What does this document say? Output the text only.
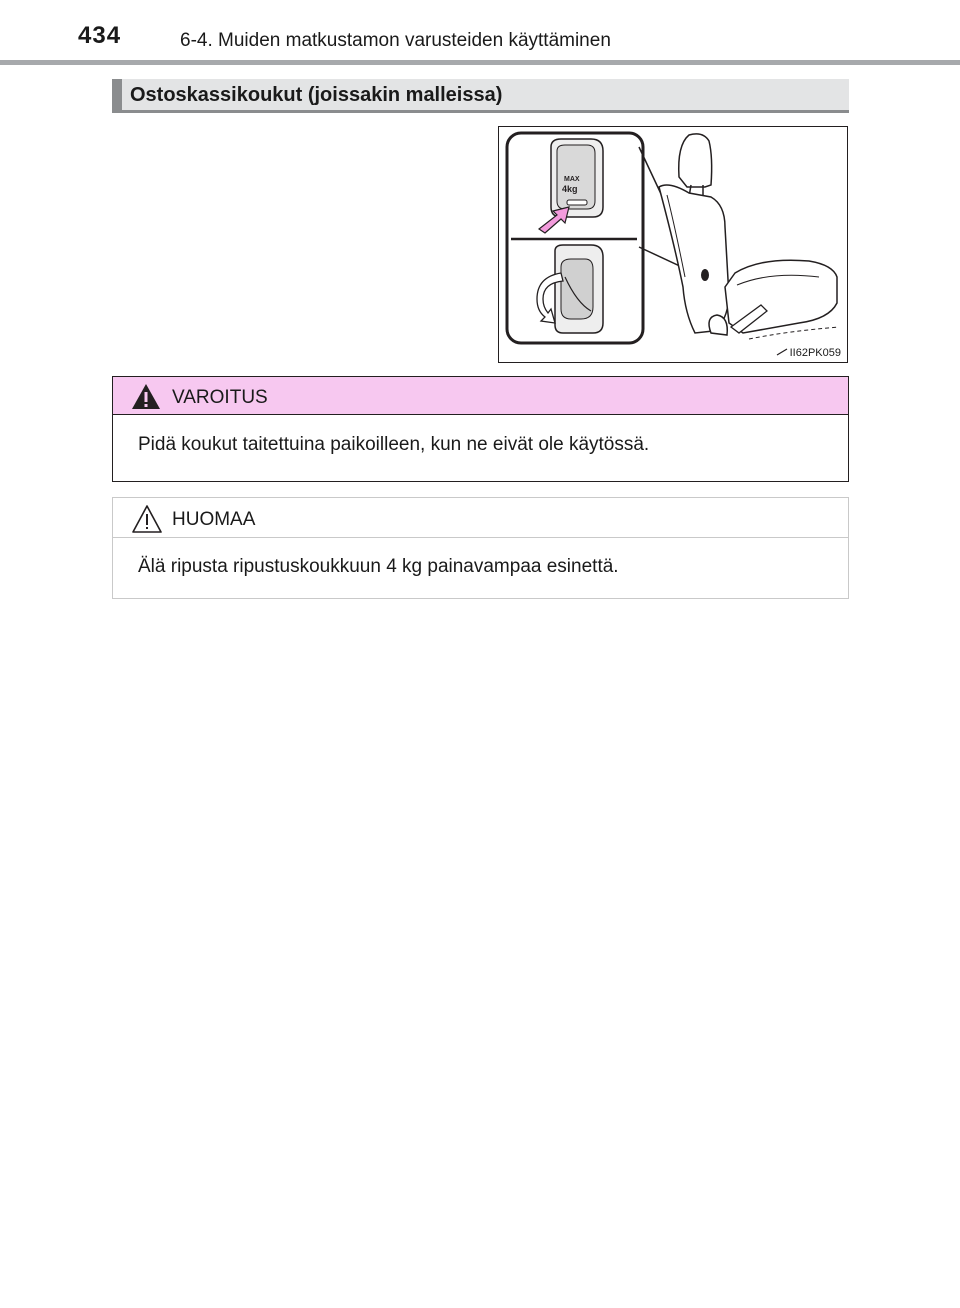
434	6-4. Muiden matkustamon varusteiden käyttäminen
Ostoskassikoukut (joissakin malleissa)
MAX
4kg
II62PK059
VAROITUS
Pidä koukut taitettuina paikoilleen, kun ne eivät ole käytössä.
HUOMAA
Älä ripusta ripustuskoukkuun 4 kg painavampaa esinettä.
